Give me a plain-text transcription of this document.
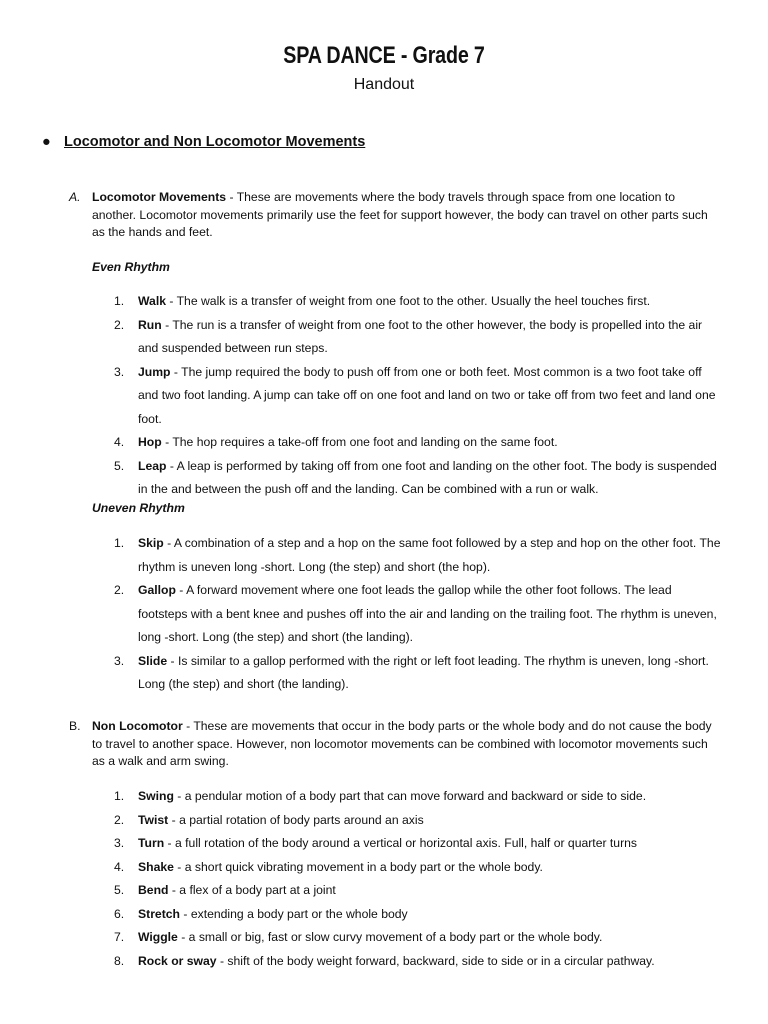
SPA DANCE - Grade 7
Handout
● Locomotor and Non Locomotor Movements
A. Locomotor Movements - These are movements where the body travels through space from one location to another. Locomotor movements primarily use the feet for support however, the body can travel on other parts such as the hands and feet.
Even Rhythm
1. Walk - The walk is a transfer of weight from one foot to the other. Usually the heel touches first.
2. Run - The run is a transfer of weight from one foot to the other however, the body is propelled into the air and suspended between run steps.
3. Jump - The jump required the body to push off from one or both feet. Most common is a two foot take off and two foot landing. A jump can take off on one foot and land on two or take off from two feet and land one foot.
4. Hop - The hop requires a take-off from one foot and landing on the same foot.
5. Leap - A leap is performed by taking off from one foot and landing on the other foot. The body is suspended in the and between the push off and the landing. Can be combined with a run or walk.
Uneven Rhythm
1. Skip - A combination of a step and a hop on the same foot followed by a step and hop on the other foot. The rhythm is uneven long -short. Long (the step) and short (the hop).
2. Gallop - A forward movement where one foot leads the gallop while the other foot follows. The lead footsteps with a bent knee and pushes off into the air and landing on the trailing foot. The rhythm is uneven, long -short. Long (the step) and short (the landing).
3. Slide - Is similar to a gallop performed with the right or left foot leading. The rhythm is uneven, long -short. Long (the step) and short (the landing).
B. Non Locomotor - These are movements that occur in the body parts or the whole body and do not cause the body to travel to another space. However, non locomotor movements can be combined with locomotor movements such as a walk and arm swing.
1. Swing - a pendular motion of a body part that can move forward and backward or side to side.
2. Twist - a partial rotation of body parts around an axis
3. Turn - a full rotation of the body around a vertical or horizontal axis. Full, half or quarter turns
4. Shake - a short quick vibrating movement in a body part or the whole body.
5. Bend - a flex of a body part at a joint
6. Stretch - extending a body part or the whole body
7. Wiggle - a small or big, fast or slow curvy movement of a body part or the whole body.
8. Rock or sway - shift of the body weight forward, backward, side to side or in a circular pathway.
